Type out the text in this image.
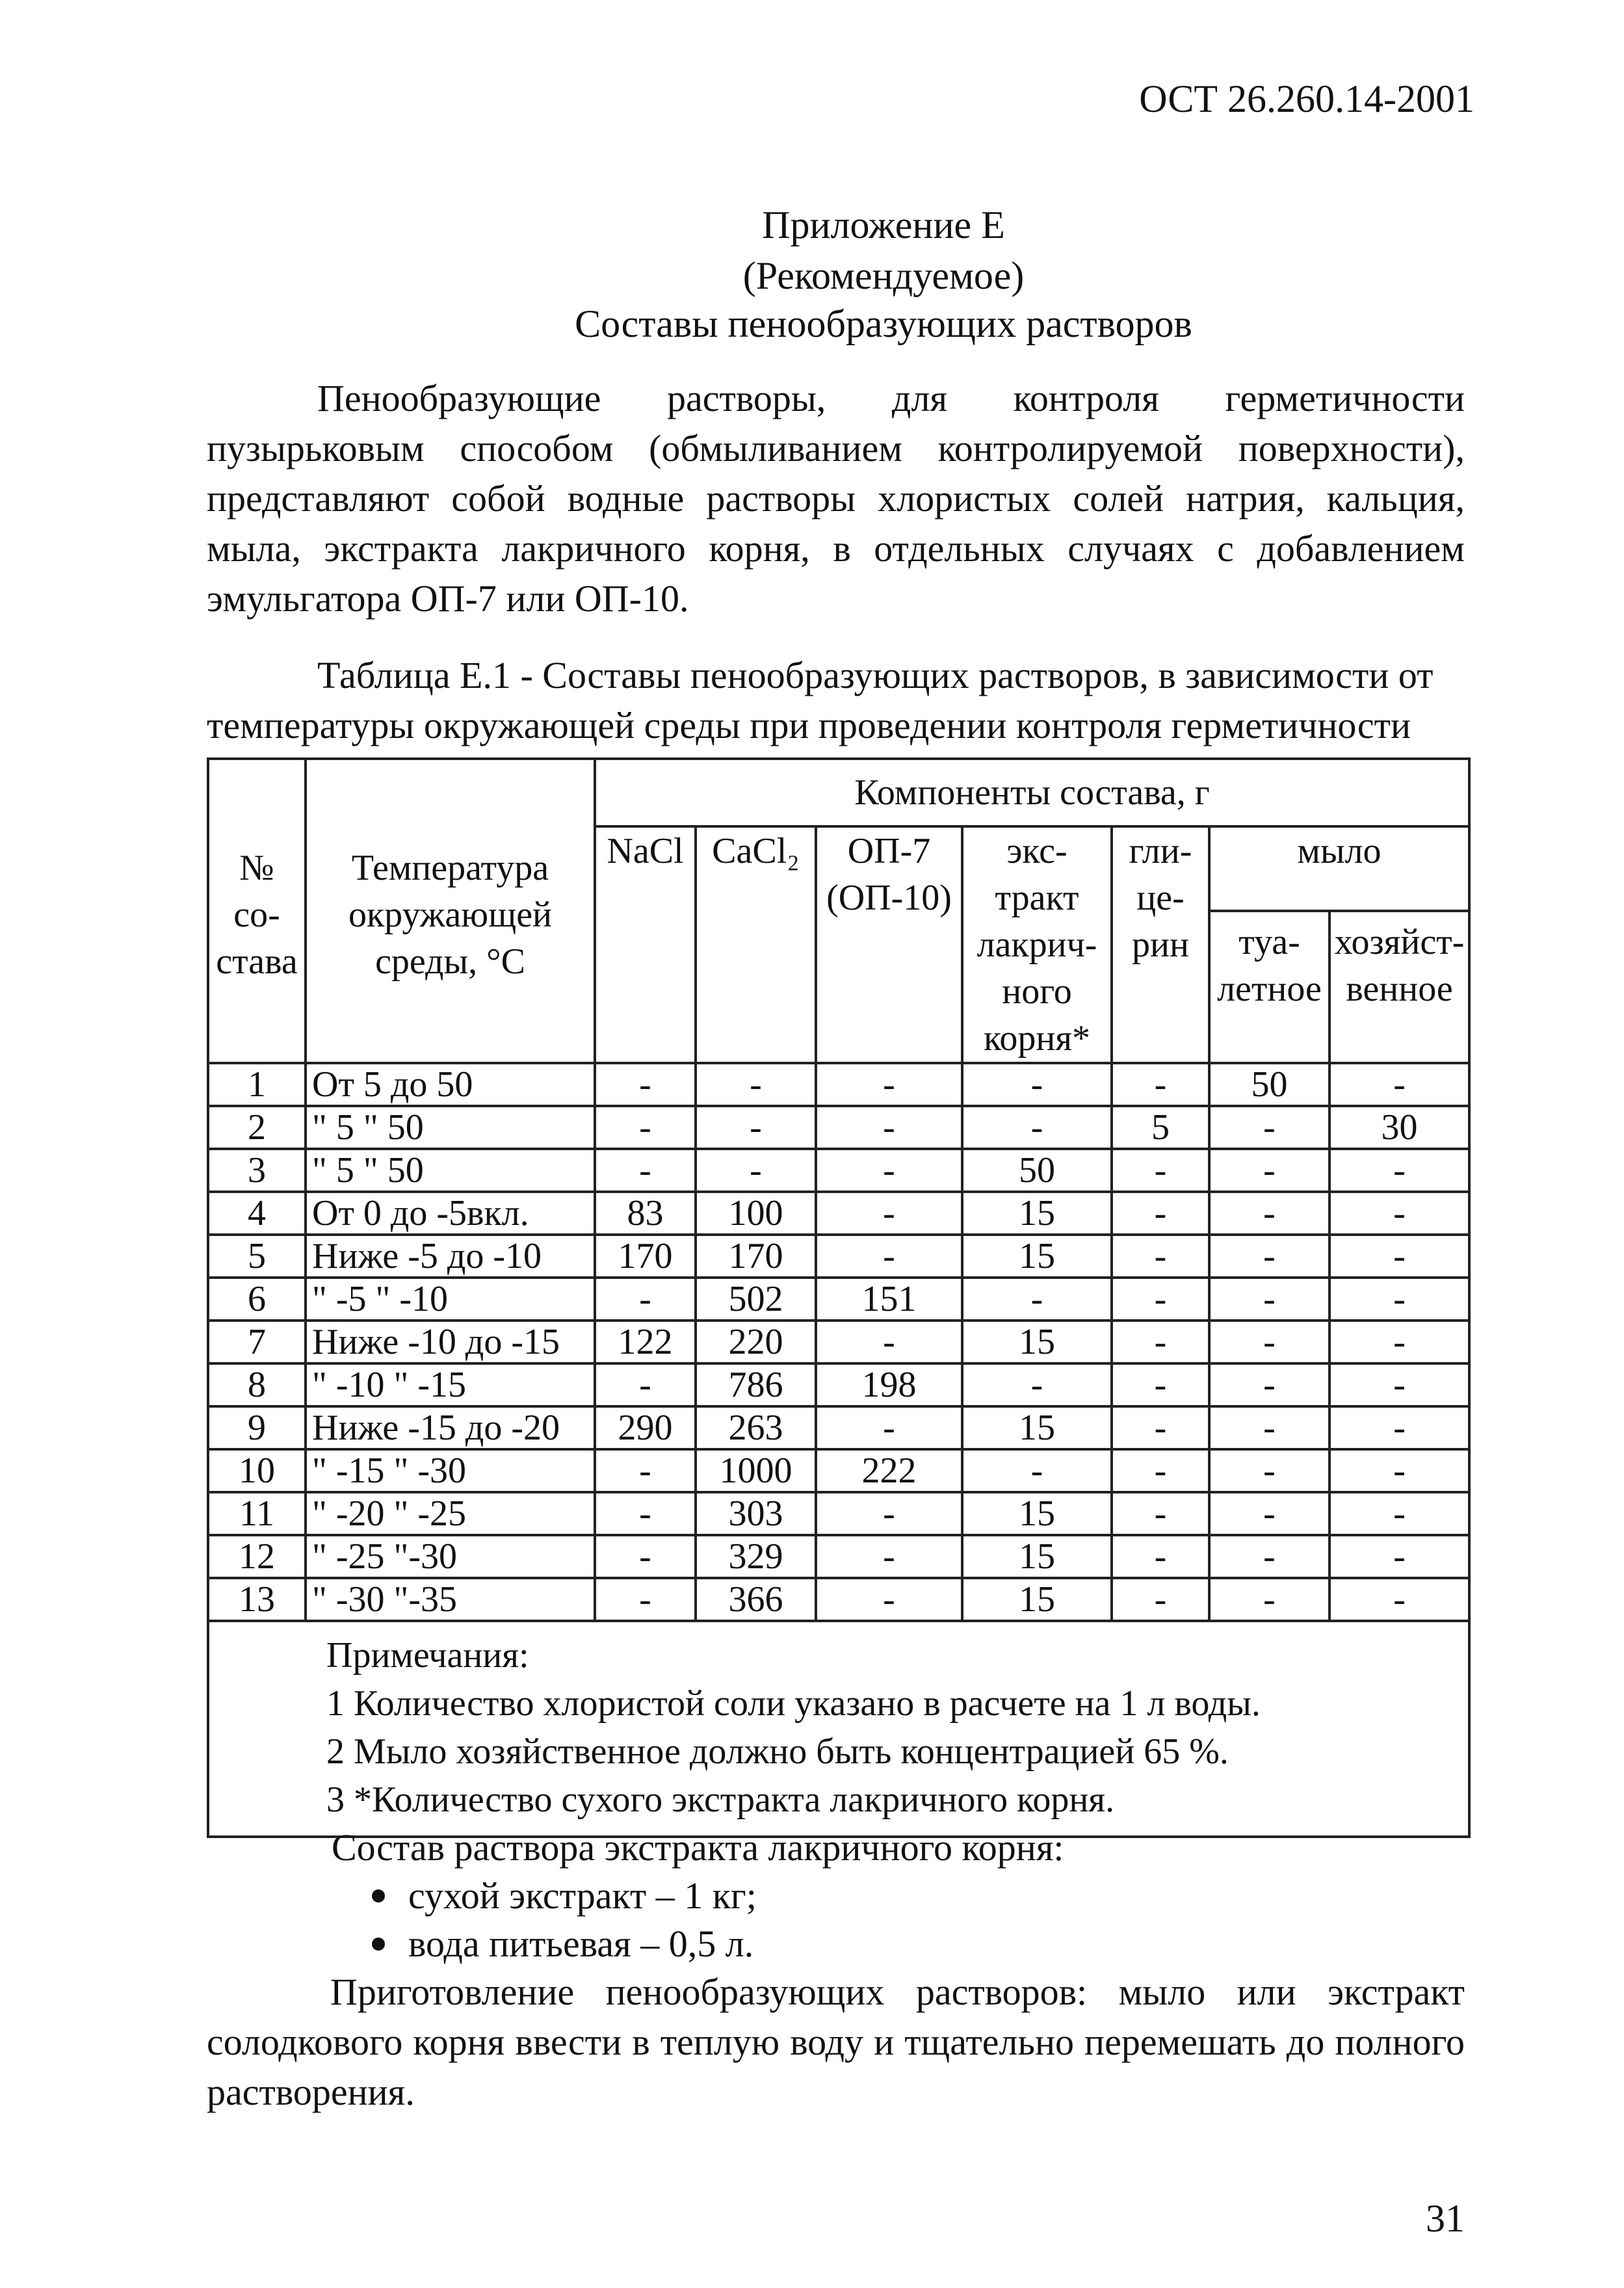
ОСТ 26.260.14-2001
Приложение Е
(Рекомендуемое)
Составы пенообразующих растворов
Пенообразующие растворы, для контроля герметичности пузырьковым способом (обмыливанием контролируемой поверхности), представляют собой водные растворы хлористых солей натрия, кальция, мыла, экстракта лакричного корня, в отдельных случаях с добавлением эмульгатора ОП-7 или ОП-10.
Таблица Е.1 - Составы пенообразующих растворов, в зависимости от температуры окружающей среды при проведении контроля герметичности
№ со-става	Температура окружающей среды, °С	Компоненты состава, г						
		NaCl	CaCl₂	ОП-7 (ОП-10)	экс-тракт лакрич-ного корня*	гли-це-рин	мыло	
							туа-летное	хозяйст-венное
1	От 5 до 50	-	-	-	-	-	50	-
2	" 5 " 50	-	-	-	-	5	-	30
3	" 5 " 50	-	-	-	50	-	-	-
4	От 0 до -5вкл.	83	100	-	15	-	-	-
5	Ниже -5 до -10	170	170	-	15	-	-	-
6	" -5 " -10	-	502	151	-	-	-	-
7	Ниже -10 до -15	122	220	-	15	-	-	-
8	" -10 " -15	-	786	198	-	-	-	-
9	Ниже -15 до -20	290	263	-	15	-	-	-
10	" -15 " -30	-	1000	222	-	-	-	-
11	" -20 " -25	-	303	-	15	-	-	-
12	" -25 "-30	-	329	-	15	-	-	-
13	" -30 "-35	-	366	-	15	-	-	-

Примечания:
1 Количество хлористой соли указано в расчете на 1 л воды.
2 Мыло хозяйственное должно быть концентрацией 65 %.
3 *Количество сухого экстракта лакричного корня.								
Состав раствора экстракта лакричного корня:
сухой экстракт – 1 кг;
вода питьевая – 0,5 л.
Приготовление пенообразующих растворов: мыло или экстракт солодкового корня ввести в теплую воду и тщательно перемешать до полного растворения.
31
